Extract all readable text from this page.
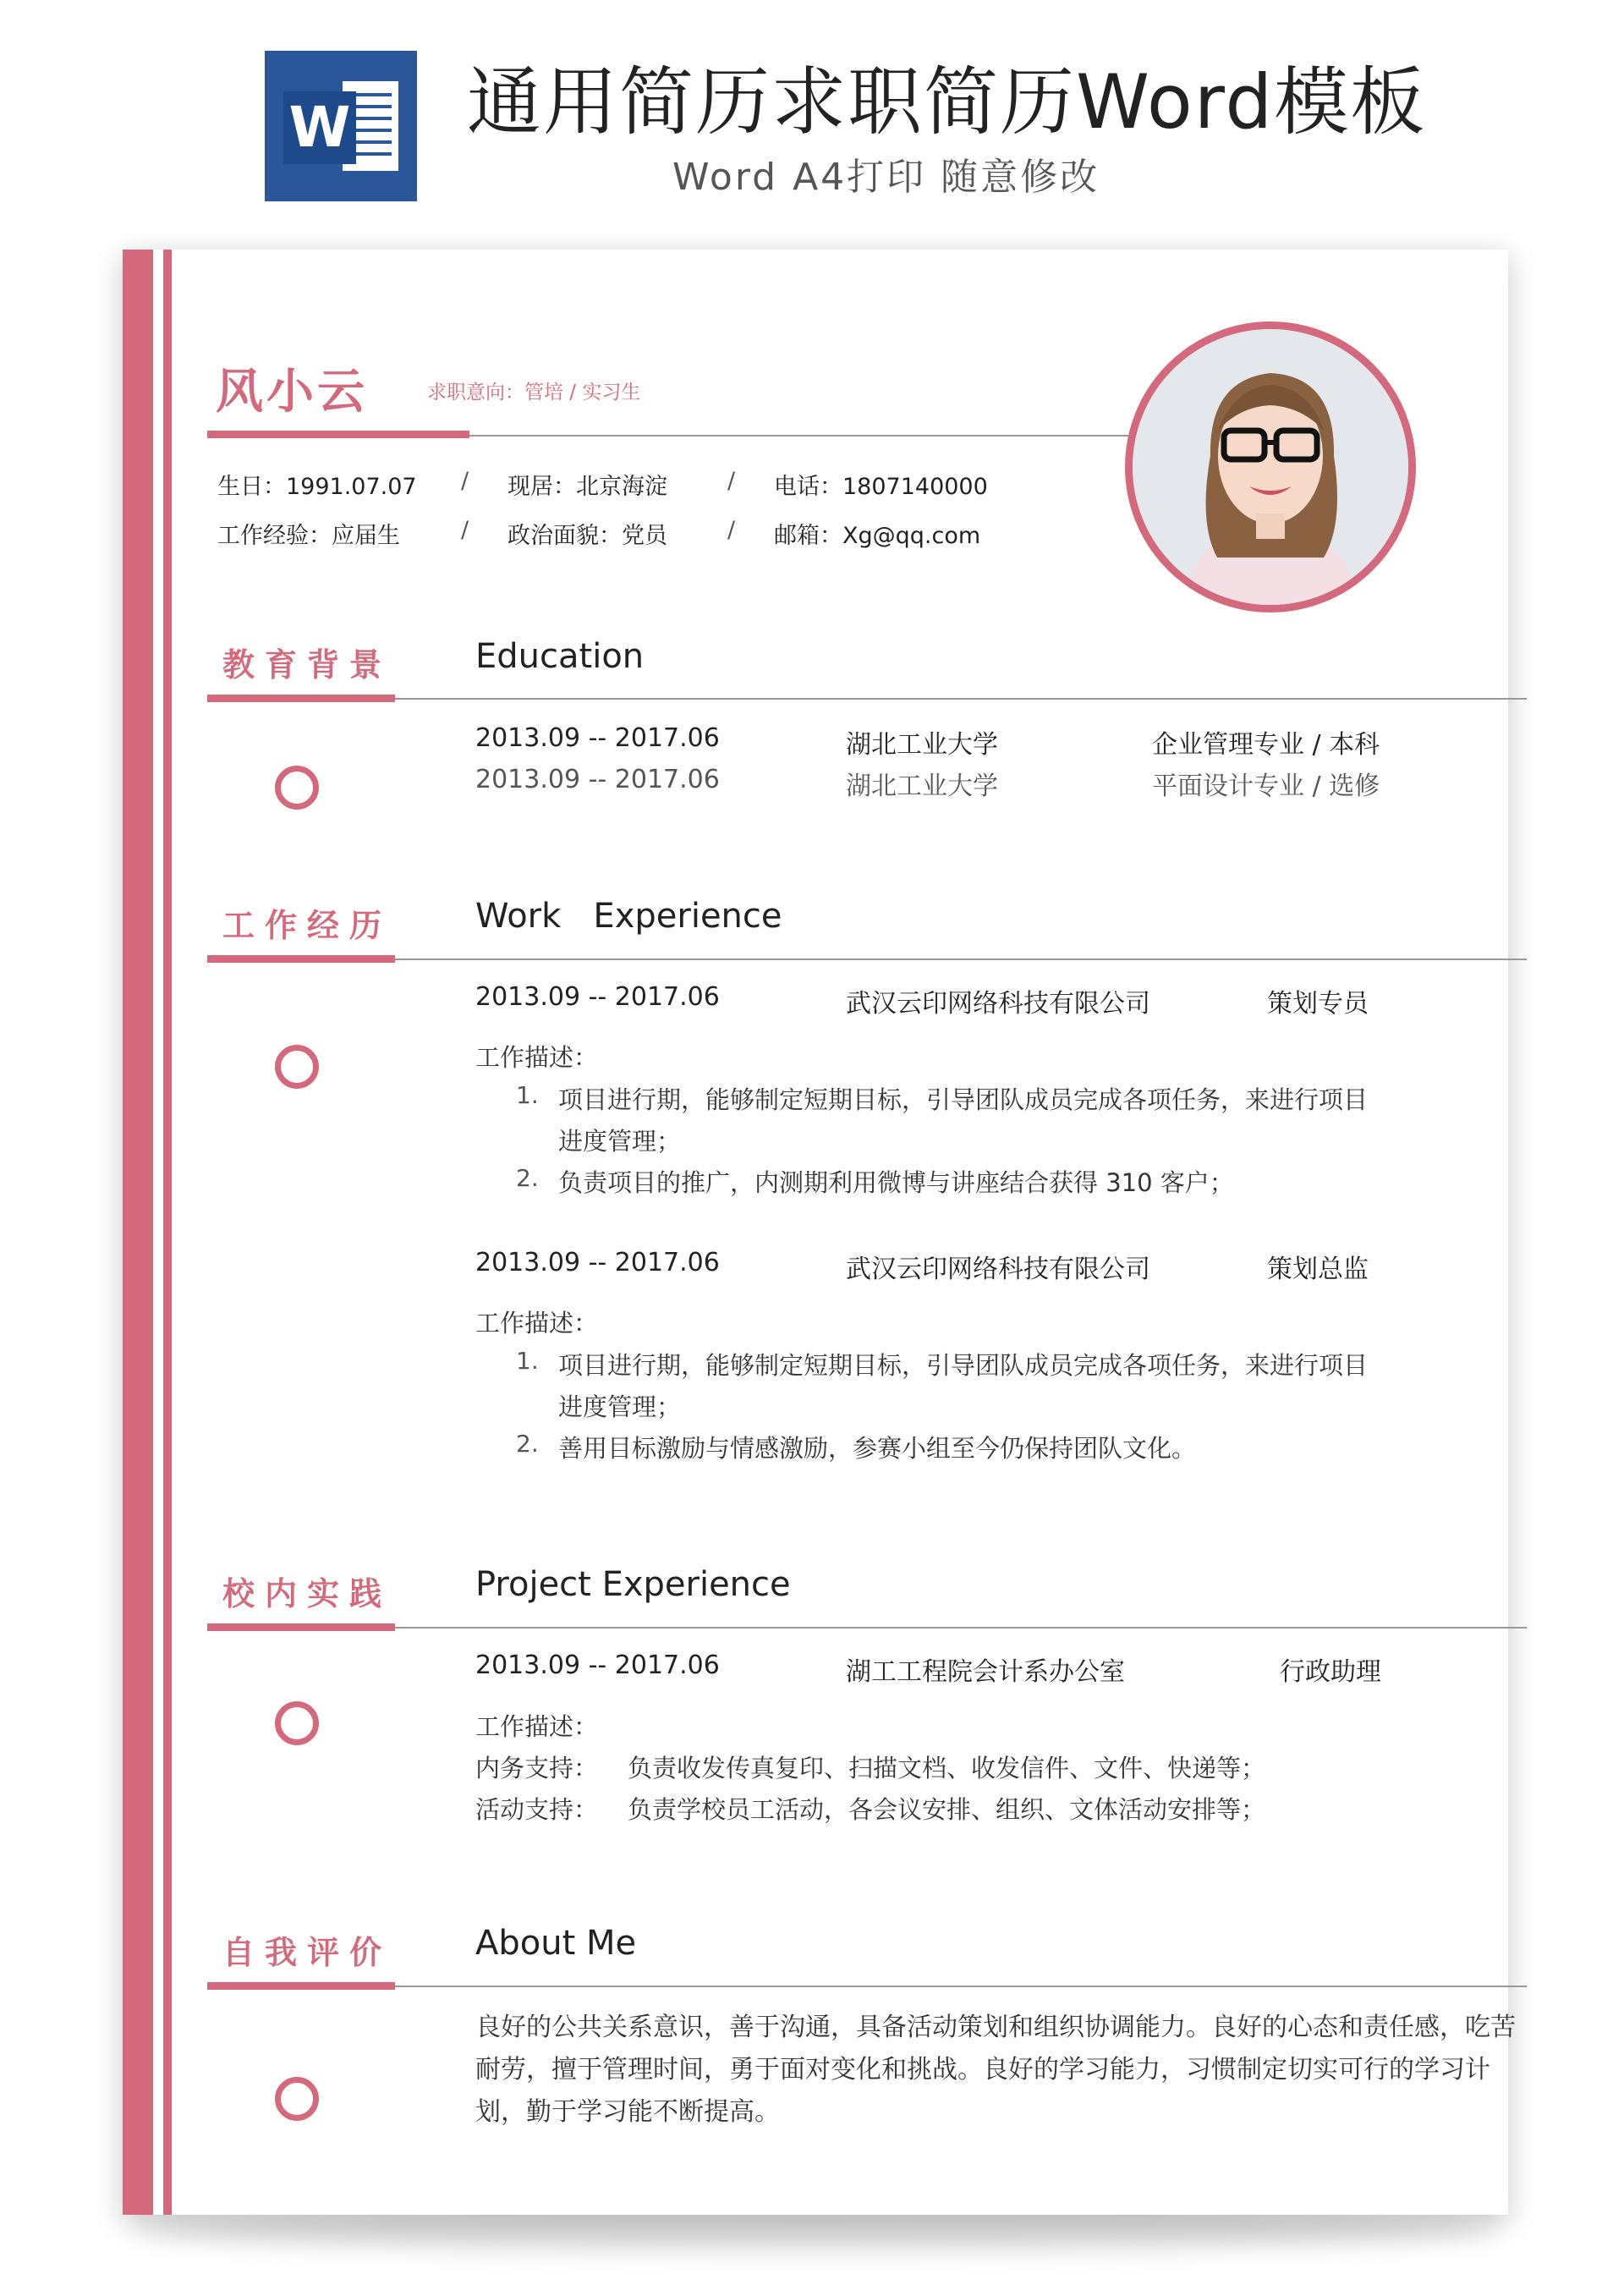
W 通用简历求职简历Word模板
Word A4打印 随意修改
风小云	求职意向：管培 / 实习生
生日：1991.07.07 / 现居：北京海淀	/ 电话：1807140000
工作经验：应届生	/ 政治面貌：党员	/ 邮箱：Xg@qq.com
教育背景 Education
2013.09 -- 2017.06	湖北工业大学	企业管理专业 / 本科
2013.09 -- 2017.06	湖北工业大学	平面设计专业 / 选修
工作经历 Work   Experience
2013.09 -- 2017.06	武汉云印网络科技有限公司	策划专员
工作描述：
1. 项目进行期，能够制定短期目标，引导团队成员完成各项任务，来进行项目
进度管理；
2. 负责项目的推广，内测期利用微博与讲座结合获得 310 客户；
2013.09 -- 2017.06	武汉云印网络科技有限公司	策划总监
工作描述：
1. 项目进行期，能够制定短期目标，引导团队成员完成各项任务，来进行项目
进度管理；
2. 善用目标激励与情感激励，参赛小组至今仍保持团队文化。
校内实践 Project Experience
2013.09 -- 2017.06	湖工工程院会计系办公室	行政助理
工作描述：
内务支持： 负责收发传真复印、扫描文档、收发信件、文件、快递等；
活动支持： 负责学校员工活动，各会议安排、组织、文体活动安排等；
自我评价 About Me
良好的公共关系意识，善于沟通，具备活动策划和组织协调能力。良好的心态和责任感，吃苦耐劳，擅于管理时间，勇于面对变化和挑战。良好的学习能力，习惯制定切实可行的学习计划，勤于学习能不断提高。
